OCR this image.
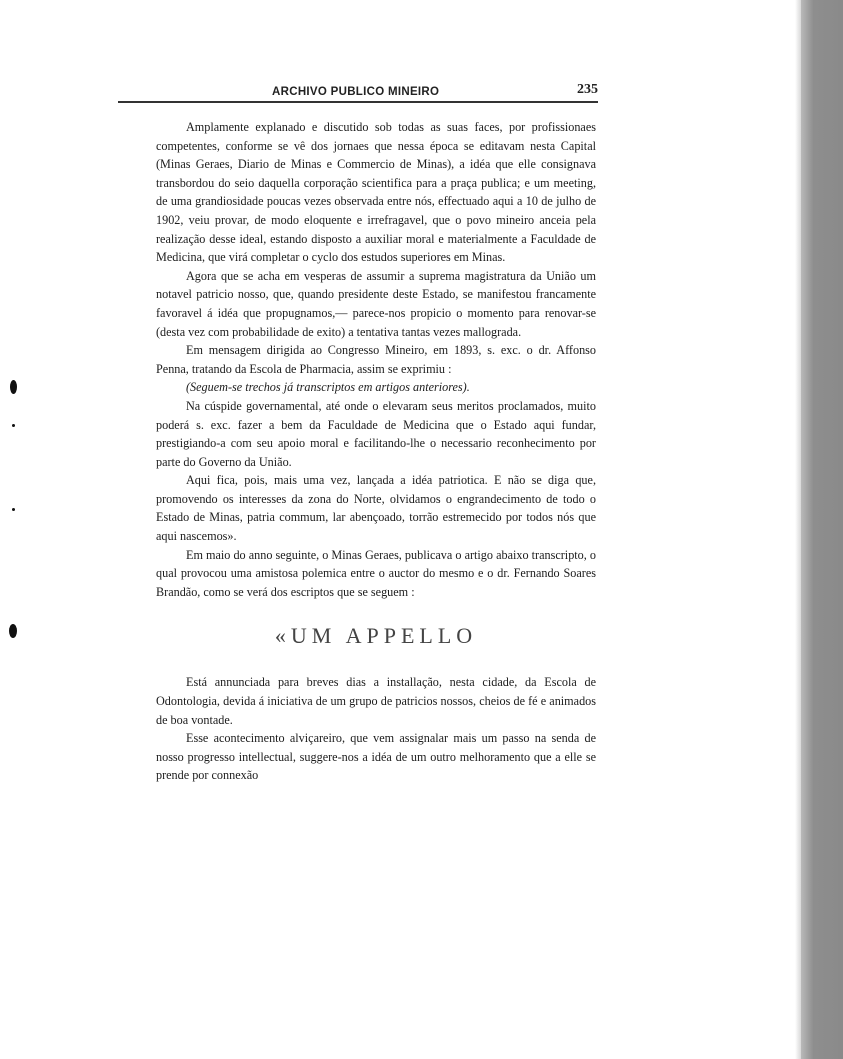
ARCHIVO PUBLICO MINEIRO	235

Amplamente explanado e discutido sob todas as suas faces, por profissionaes competentes, conforme se vê dos jornaes que nessa época se editavam nesta Capital (Minas Geraes, Diario de Minas e Commercio de Minas), a idéa que elle consignava transbordou do seio daquella corporação scientifica para a praça publica; e um meeting, de uma grandiosidade poucas vezes observada entre nós, effectuado aqui a 10 de julho de 1902, veiu provar, de modo eloquente e irrefragavel, que o povo mineiro anceia pela realização desse ideal, estando disposto a auxiliar moral e materialmente a Faculdade de Medicina, que virá completar o cyclo dos estudos superiores em Minas.

Agora que se acha em vesperas de assumir a suprema magistratura da União um notavel patricio nosso, que, quando presidente deste Estado, se manifestou francamente favoravel á idéa que propugnamos,— parece-nos propicio o momento para renovar-se (desta vez com probabilidade de exito) a tentativa tantas vezes mallograda.

Em mensagem dirigida ao Congresso Mineiro, em 1893, s. exc. o dr. Affonso Penna, tratando da Escola de Pharmacia, assim se exprimiu :

(Seguem-se trechos já transcriptos em artigos anteriores).

Na cúspide governamental, até onde o elevaram seus meritos proclamados, muito poderá s. exc. fazer a bem da Faculdade de Medicina que o Estado aqui fundar, prestigiando-a com seu apoio moral e facilitando-lhe o necessario reconhecimento por parte do Governo da União.

Aqui fica, pois, mais uma vez, lançada a idéa patriotica. E não se diga que, promovendo os interesses da zona do Norte, olvidamos o engrandecimento de todo o Estado de Minas, patria commum, lar abençoado, torrão estremecido por todos nós que aqui nascemos».

Em maio do anno seguinte, o Minas Geraes, publicava o artigo abaixo transcripto, o qual provocou uma amistosa polemica entre o auctor do mesmo e o dr. Fernando Soares Brandão, como se verá dos escriptos que se seguem :

«UM APPELLO

Está annunciada para breves dias a installação, nesta cidade, da Escola de Odontologia, devida á iniciativa de um grupo de patricios nossos, cheios de fé e animados de boa vontade.

Esse acontecimento alviçareiro, que vem assignalar mais um passo na senda de nosso progresso intellectual, suggere-nos a idéa de um outro melhoramento que a elle se prende por connexão
